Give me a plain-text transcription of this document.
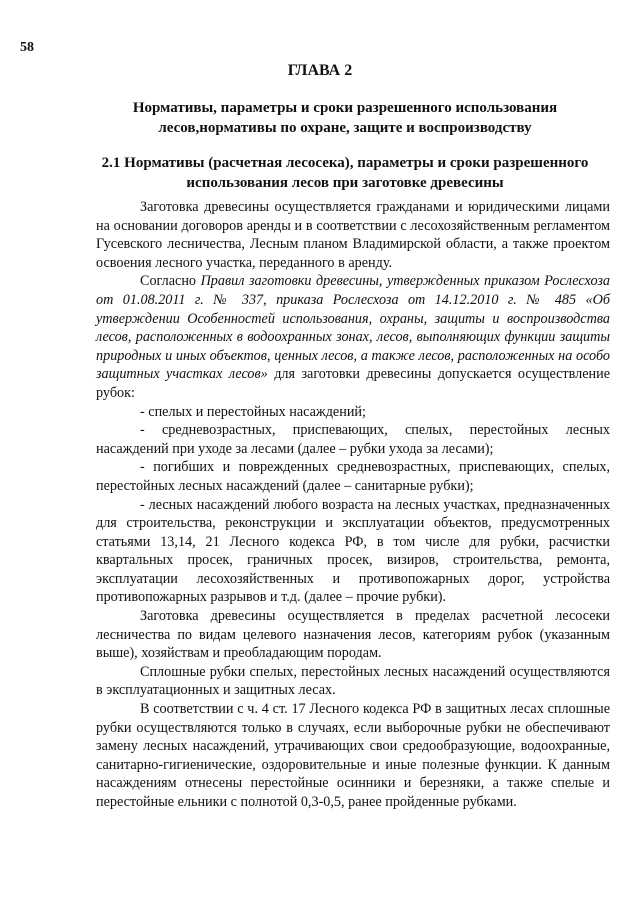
58
ГЛАВА 2
Нормативы, параметры и сроки разрешенного использования лесов,нормативы по охране, защите и воспроизводству
2.1 Нормативы (расчетная лесосека), параметры и сроки разрешенного использования лесов при заготовке древесины

Заготовка древесины осуществляется гражданами и юридическими лицами на основании договоров аренды и в соответствии с лесохозяйственным регламентом Гусевского лесничества, Лесным планом Владимирской области, а также проектом освоения лесного участка, переданного в аренду.

Согласно Правил заготовки древесины, утвержденных приказом Рослесхоза от 01.08.2011 г. № 337, приказа Рослесхоза от 14.12.2010 г. № 485 «Об утверждении Особенностей использования, охраны, защиты и воспроизводства лесов, расположенных в водоохранных зонах, лесов, выполняющих функции защиты природных и иных объектов, ценных лесов, а также лесов, расположенных на особо защитных участках лесов» для заготовки древесины допускается осуществление рубок:

- спелых и перестойных насаждений;

- средневозрастных, приспевающих, спелых, перестойных лесных насаждений при уходе за лесами (далее – рубки ухода за лесами);

- погибших и поврежденных средневозрастных, приспевающих, спелых, перестойных лесных насаждений (далее – санитарные рубки);

- лесных насаждений любого возраста на лесных участках, предназначенных для строительства, реконструкции и эксплуатации объектов, предусмотренных статьями 13,14, 21 Лесного кодекса РФ, в том числе для рубки, расчистки квартальных просек, граничных просек, визиров, строительства, ремонта, эксплуатации лесохозяйственных и противопожарных дорог, устройства противопожарных разрывов и т.д. (далее – прочие рубки).

Заготовка древесины осуществляется в пределах расчетной лесосеки лесничества по видам целевого назначения лесов, категориям рубок (указанным выше), хозяйствам и преобладающим породам.

Сплошные рубки спелых, перестойных лесных насаждений осуществляются в эксплуатационных и защитных лесах.

В соответствии с ч. 4 ст. 17 Лесного кодекса РФ в защитных лесах сплошные рубки осуществляются только в случаях, если выборочные рубки не обеспечивают замену лесных насаждений, утрачивающих свои средообразующие, водоохранные, санитарно-гигиенические, оздоровительные и иные полезные функции. К данным насаждениям отнесены перестойные осинники и березняки, а также спелые и перестойные ельники с полнотой 0,3-0,5, ранее пройденные рубками.
